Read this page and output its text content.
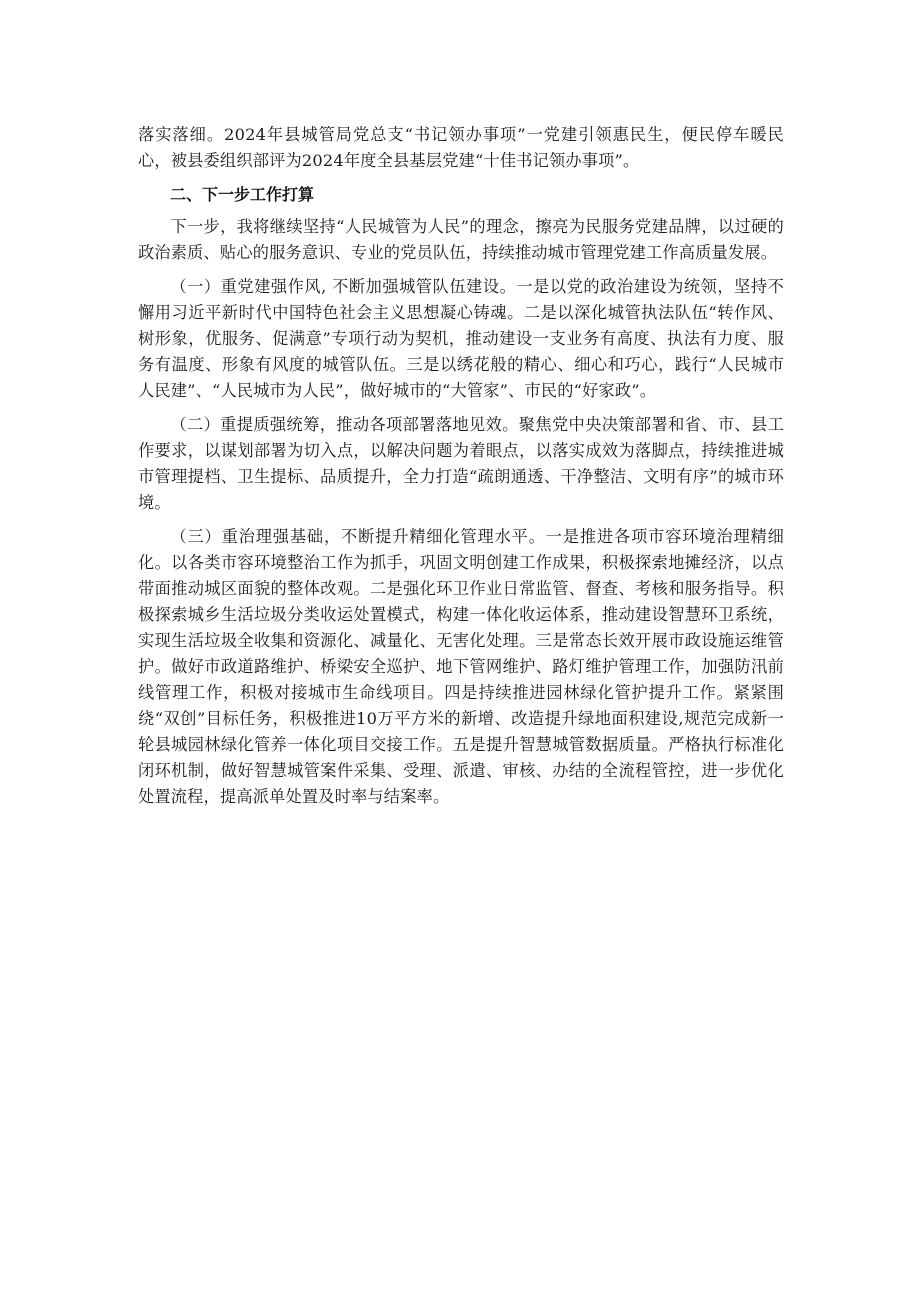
落实落细。2024年县城管局党总支“书记领办事项”一党建引领惠民生，便民停车暖民心，被县委组织部评为2024年度全县基层党建“十佳书记领办事项”。

二、下一步工作打算

下一步，我将继续坚持“人民城管为人民”的理念，擦亮为民服务党建品牌，以过硬的政治素质、贴心的服务意识、专业的党员队伍，持续推动城市管理党建工作高质量发展。

（一）重党建强作风, 不断加强城管队伍建设。一是以党的政治建设为统领，坚持不懈用习近平新时代中国特色社会主义思想凝心铸魂。二是以深化城管执法队伍“转作风、树形象，优服务、促满意”专项行动为契机，推动建设一支业务有高度、执法有力度、服务有温度、形象有风度的城管队伍。三是以绣花般的精心、细心和巧心，践行“人民城市人民建”、“人民城市为人民”，做好城市的“大管家”、市民的“好家政”。

（二）重提质强统筹，推动各项部署落地见效。聚焦党中央决策部署和省、市、县工作要求，以谋划部署为切入点，以解决问题为着眼点，以落实成效为落脚点，持续推进城市管理提档、卫生提标、品质提升，全力打造“疏朗通透、干净整洁、文明有序”的城市环境。

（三）重治理强基础，不断提升精细化管理水平。一是推进各项市容环境治理精细化。以各类市容环境整治工作为抓手，巩固文明创建工作成果，积极探索地摊经济，以点带面推动城区面貌的整体改观。二是强化环卫作业日常监管、督查、考核和服务指导。积极探索城乡生活垃圾分类收运处置模式，构建一体化收运体系，推动建设智慧环卫系统，实现生活垃圾全收集和资源化、减量化、无害化处理。三是常态长效开展市政设施运维管护。做好市政道路维护、桥梁安全巡护、地下管网维护、路灯维护管理工作，加强防汛前线管理工作，积极对接城市生命线项目。四是持续推进园林绿化管护提升工作。紧紧围绕“双创”目标任务，积极推进10万平方米的新增、改造提升绿地面积建设,规范完成新一轮县城园林绿化管养一体化项目交接工作。五是提升智慧城管数据质量。严格执行标准化闭环机制，做好智慧城管案件采集、受理、派遣、审核、办结的全流程管控，进一步优化处置流程，提高派单处置及时率与结案率。
